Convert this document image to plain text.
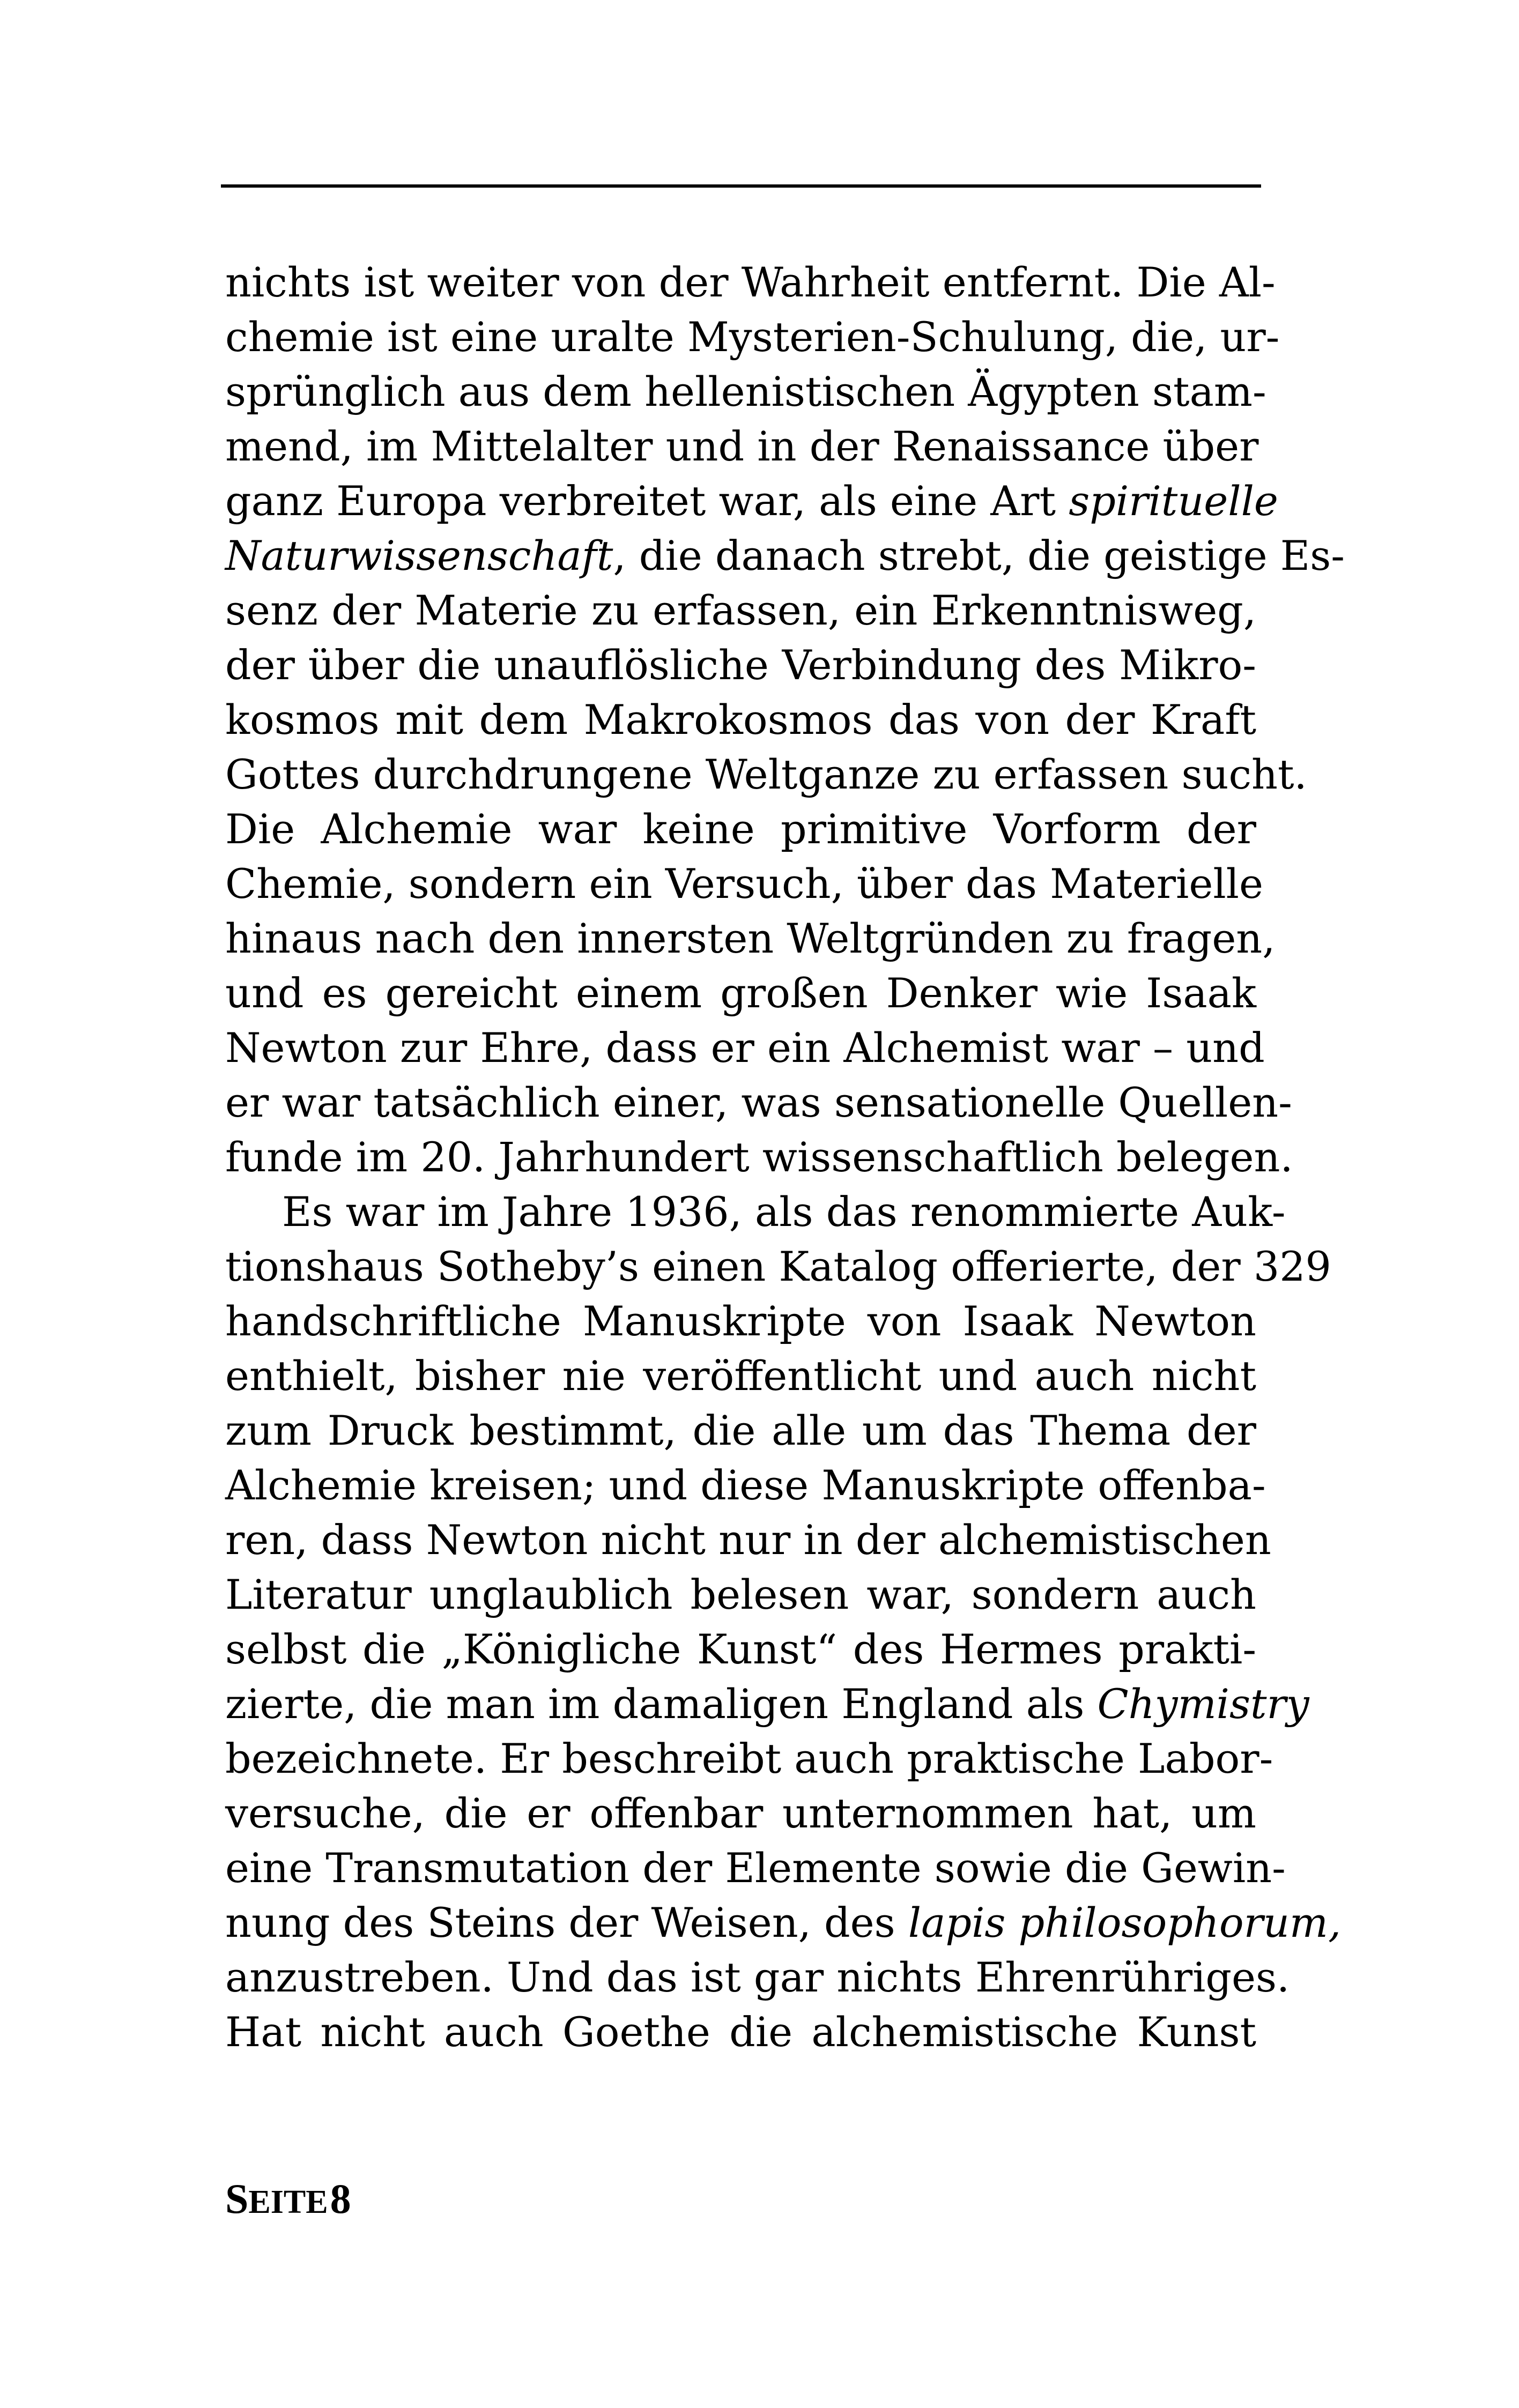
nichts ist weiter von der Wahrheit entfernt. Die Al-
chemie ist eine uralte Mysterien-Schulung, die, ur-
sprünglich aus dem hellenistischen Ägypten stam-
mend, im Mittelalter und in der Renaissance über
ganz Europa verbreitet war, als eine Art spirituelle
Naturwissenschaft, die danach strebt, die geistige Es-
senz der Materie zu erfassen, ein Erkenntnisweg,
der über die unauflösliche Verbindung des Mikro-
kosmos mit dem Makrokosmos das von der Kraft
Gottes durchdrungene Weltganze zu erfassen sucht.
Die Alchemie war keine primitive Vorform der
Chemie, sondern ein Versuch, über das Materielle
hinaus nach den innersten Weltgründen zu fragen,
und es gereicht einem großen Denker wie Isaak
Newton zur Ehre, dass er ein Alchemist war – und
er war tatsächlich einer, was sensationelle Quellen-
funde im 20. Jahrhundert wissenschaftlich belegen.
Es war im Jahre 1936, als das renommierte Auk-
tionshaus Sotheby’s einen Katalog offerierte, der 329
handschriftliche Manuskripte von Isaak Newton
enthielt, bisher nie veröffentlicht und auch nicht
zum Druck bestimmt, die alle um das Thema der
Alchemie kreisen; und diese Manuskripte offenba-
ren, dass Newton nicht nur in der alchemistischen
Literatur unglaublich belesen war, sondern auch
selbst die „Königliche Kunst“ des Hermes prakti-
zierte, die man im damaligen England als Chymistry
bezeichnete. Er beschreibt auch praktische Labor-
versuche, die er offenbar unternommen hat, um
eine Transmutation der Elemente sowie die Gewin-
nung des Steins der Weisen, des lapis philosophorum,
anzustreben. Und das ist gar nichts Ehrenrühriges.
Hat nicht auch Goethe die alchemistische Kunst
SEITE 8
